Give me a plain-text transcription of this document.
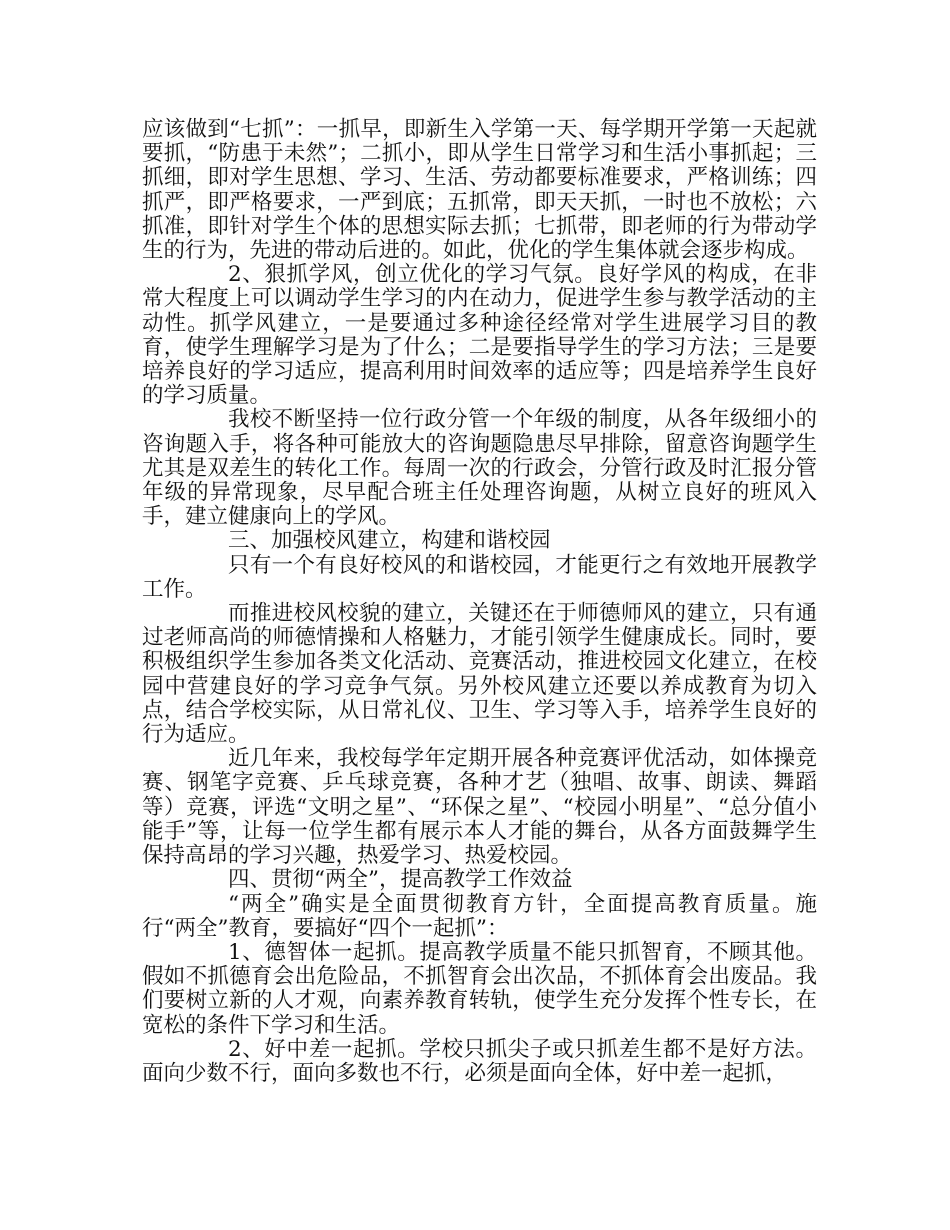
应该做到“七抓”：一抓早，即新生入学第一天、每学期开学第一天起就要抓，“防患于未然”；二抓小，即从学生日常学习和生活小事抓起；三抓细，即对学生思想、学习、生活、劳动都要标准要求，严格训练；四抓严，即严格要求，一严到底；五抓常，即天天抓，一时也不放松；六抓准，即针对学生个体的思想实际去抓；七抓带，即老师的行为带动学生的行为，先进的带动后进的。如此，优化的学生集体就会逐步构成。

2、狠抓学风，创立优化的学习气氛。良好学风的构成，在非常大程度上可以调动学生学习的内在动力，促进学生参与教学活动的主动性。抓学风建立，一是要通过多种途径经常对学生进展学习目的教育，使学生理解学习是为了什么；二是要指导学生的学习方法；三是要培养良好的学习适应，提高利用时间效率的适应等；四是培养学生良好的学习质量。

我校不断坚持一位行政分管一个年级的制度，从各年级细小的咨询题入手，将各种可能放大的咨询题隐患尽早排除，留意咨询题学生尤其是双差生的转化工作。每周一次的行政会，分管行政及时汇报分管年级的异常现象，尽早配合班主任处理咨询题，从树立良好的班风入手，建立健康向上的学风。

三、加强校风建立，构建和谐校园

只有一个有良好校风的和谐校园，才能更行之有效地开展教学工作。

而推进校风校貌的建立，关键还在于师德师风的建立，只有通过老师高尚的师德情操和人格魅力，才能引领学生健康成长。同时，要积极组织学生参加各类文化活动、竞赛活动，推进校园文化建立，在校园中营建良好的学习竞争气氛。另外校风建立还要以养成教育为切入点，结合学校实际，从日常礼仪、卫生、学习等入手，培养学生良好的行为适应。

近几年来，我校每学年定期开展各种竞赛评优活动，如体操竞赛、钢笔字竞赛、乒乓球竞赛，各种才艺（独唱、故事、朗读、舞蹈等）竞赛，评选“文明之星”、“环保之星”、“校园小明星”、“总分值小能手”等，让每一位学生都有展示本人才能的舞台，从各方面鼓舞学生保持高昂的学习兴趣，热爱学习、热爱校园。

四、贯彻“两全”，提高教学工作效益

“两全”确实是全面贯彻教育方针，全面提高教育质量。施行“两全”教育，要搞好“四个一起抓”：

1、德智体一起抓。提高教学质量不能只抓智育，不顾其他。假如不抓德育会出危险品，不抓智育会出次品，不抓体育会出废品。我们要树立新的人才观，向素养教育转轨，使学生充分发挥个性专长，在宽松的条件下学习和生活。

2、好中差一起抓。学校只抓尖子或只抓差生都不是好方法。面向少数不行，面向多数也不行，必须是面向全体，好中差一起抓，
